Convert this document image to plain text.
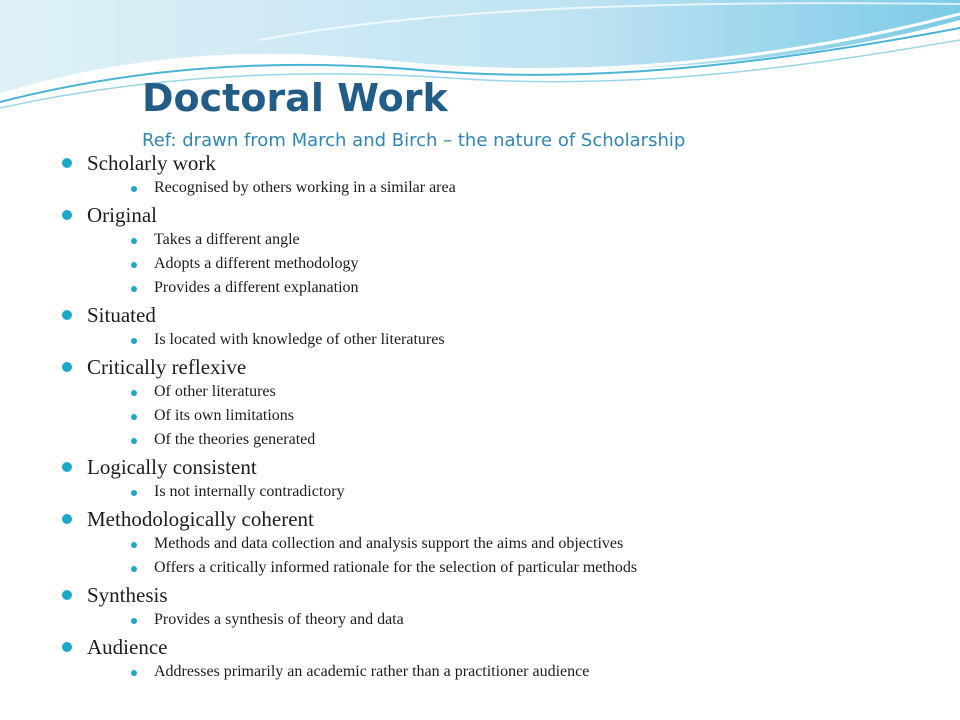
Doctoral Work
Ref: drawn from March and Birch – the nature of Scholarship
Scholarly work
Recognised by others working in a similar area
Original
Takes a different angle
Adopts a different methodology
Provides a different explanation
Situated
Is located with knowledge of other literatures
Critically reflexive
Of other literatures
Of its own limitations
Of the theories generated
Logically consistent
Is not internally contradictory
Methodologically coherent
Methods and data collection and analysis support the aims and objectives
Offers a critically informed rationale for the selection of particular methods
Synthesis
Provides a synthesis of theory and data
Audience
Addresses primarily an academic rather than a practitioner audience
